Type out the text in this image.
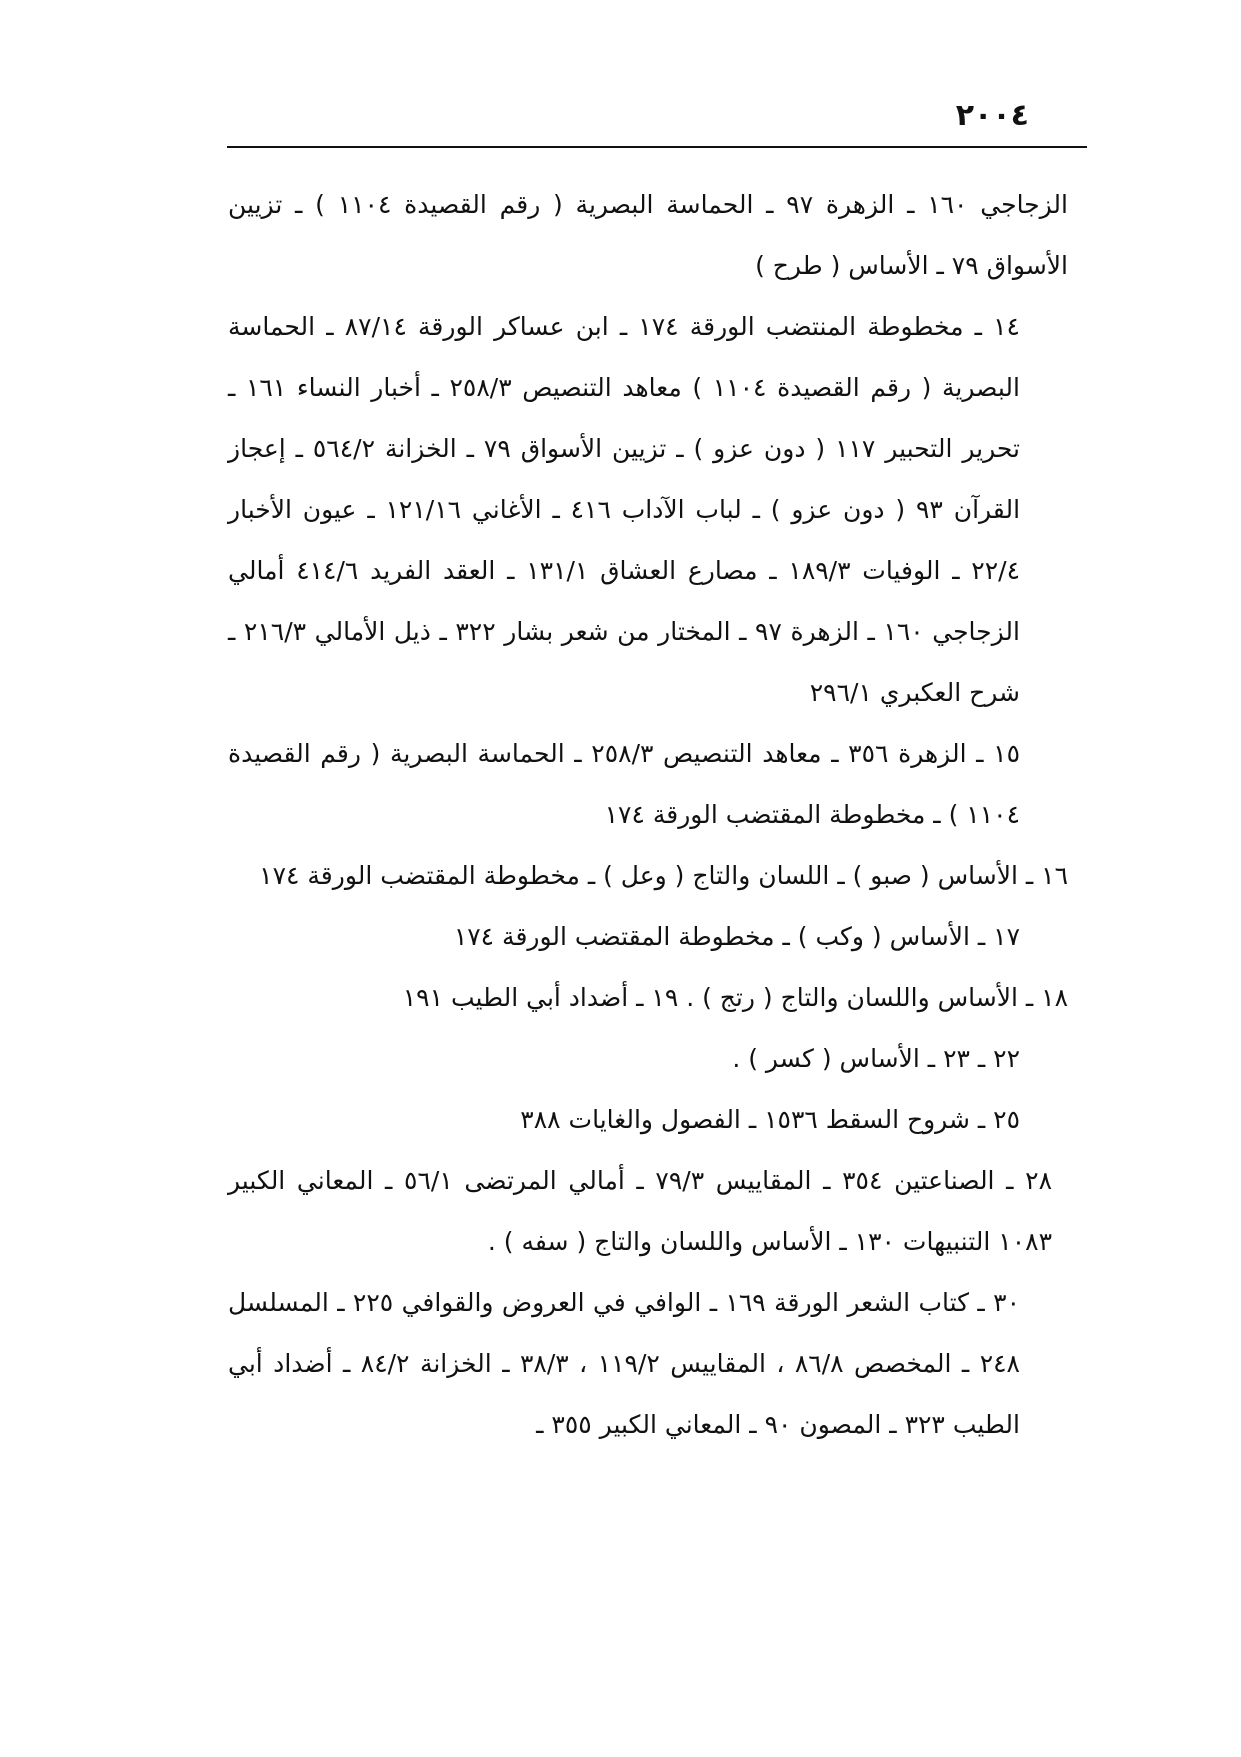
٢٠٠٤

الزجاجي ١٦٠ ـ الزهرة ٩٧ ـ الحماسة البصرية ( رقم القصيدة ١١٠٤ ) ـ تزيين الأسواق ٧٩ ـ الأساس ( طرح )

١٤ ـ مخطوطة المنتضب الورقة ١٧٤ ـ ابن عساكر الورقة ٨٧/١٤ ـ الحماسة البصرية ( رقم القصيدة ١١٠٤ ) معاهد التنصيص ٢٥٨/٣ ـ أخبار النساء ١٦١ ـ تحرير التحبير ١١٧ ( دون عزو ) ـ تزيين الأسواق ٧٩ ـ الخزانة ٥٦٤/٢ ـ إعجاز القرآن ٩٣ ( دون عزو ) ـ لباب الآداب ٤١٦ ـ الأغاني ١٢١/١٦ ـ عيون الأخبار ٢٢/٤ ـ الوفيات ١٨٩/٣ ـ مصارع العشاق ١٣١/١ ـ العقد الفريد ٤١٤/٦ أمالي الزجاجي ١٦٠ ـ الزهرة ٩٧ ـ المختار من شعر بشار ٣٢٢ ـ ذيل الأمالي ٢١٦/٣ ـ شرح العكبري ٢٩٦/١

١٥ ـ الزهرة ٣٥٦ ـ معاهد التنصيص ٢٥٨/٣ ـ الحماسة البصرية ( رقم القصيدة ١١٠٤ ) ـ مخطوطة المقتضب الورقة ١٧٤

١٦ ـ الأساس ( صبو ) ـ اللسان والتاج ( وعل ) ـ مخطوطة المقتضب الورقة ١٧٤

١٧ ـ الأساس ( وكب ) ـ مخطوطة المقتضب الورقة ١٧٤

١٨ ـ الأساس واللسان والتاج ( رتج ) . ١٩ ـ أضداد أبي الطيب ١٩١

٢٢ ـ ٢٣ ـ الأساس ( كسر ) .

٢٥ ـ شروح السقط ١٥٣٦ ـ الفصول والغايات ٣٨٨

٢٨ ـ الصناعتين ٣٥٤ ـ المقاييس ٧٩/٣ ـ أمالي المرتضى ٥٦/١ ـ المعاني الكبير ١٠٨٣ التنبيهات ١٣٠ ـ الأساس واللسان والتاج ( سفه ) .

٣٠ ـ كتاب الشعر الورقة ١٦٩ ـ الوافي في العروض والقوافي ٢٢٥ ـ المسلسل ٢٤٨ ـ المخصص ٨٦/٨ ، المقاييس ١١٩/٢ ، ٣٨/٣ ـ الخزانة ٨٤/٢ ـ أضداد أبي الطيب ٣٢٣ ـ المصون ٩٠ ـ المعاني الكبير ٣٥٥ ـ
